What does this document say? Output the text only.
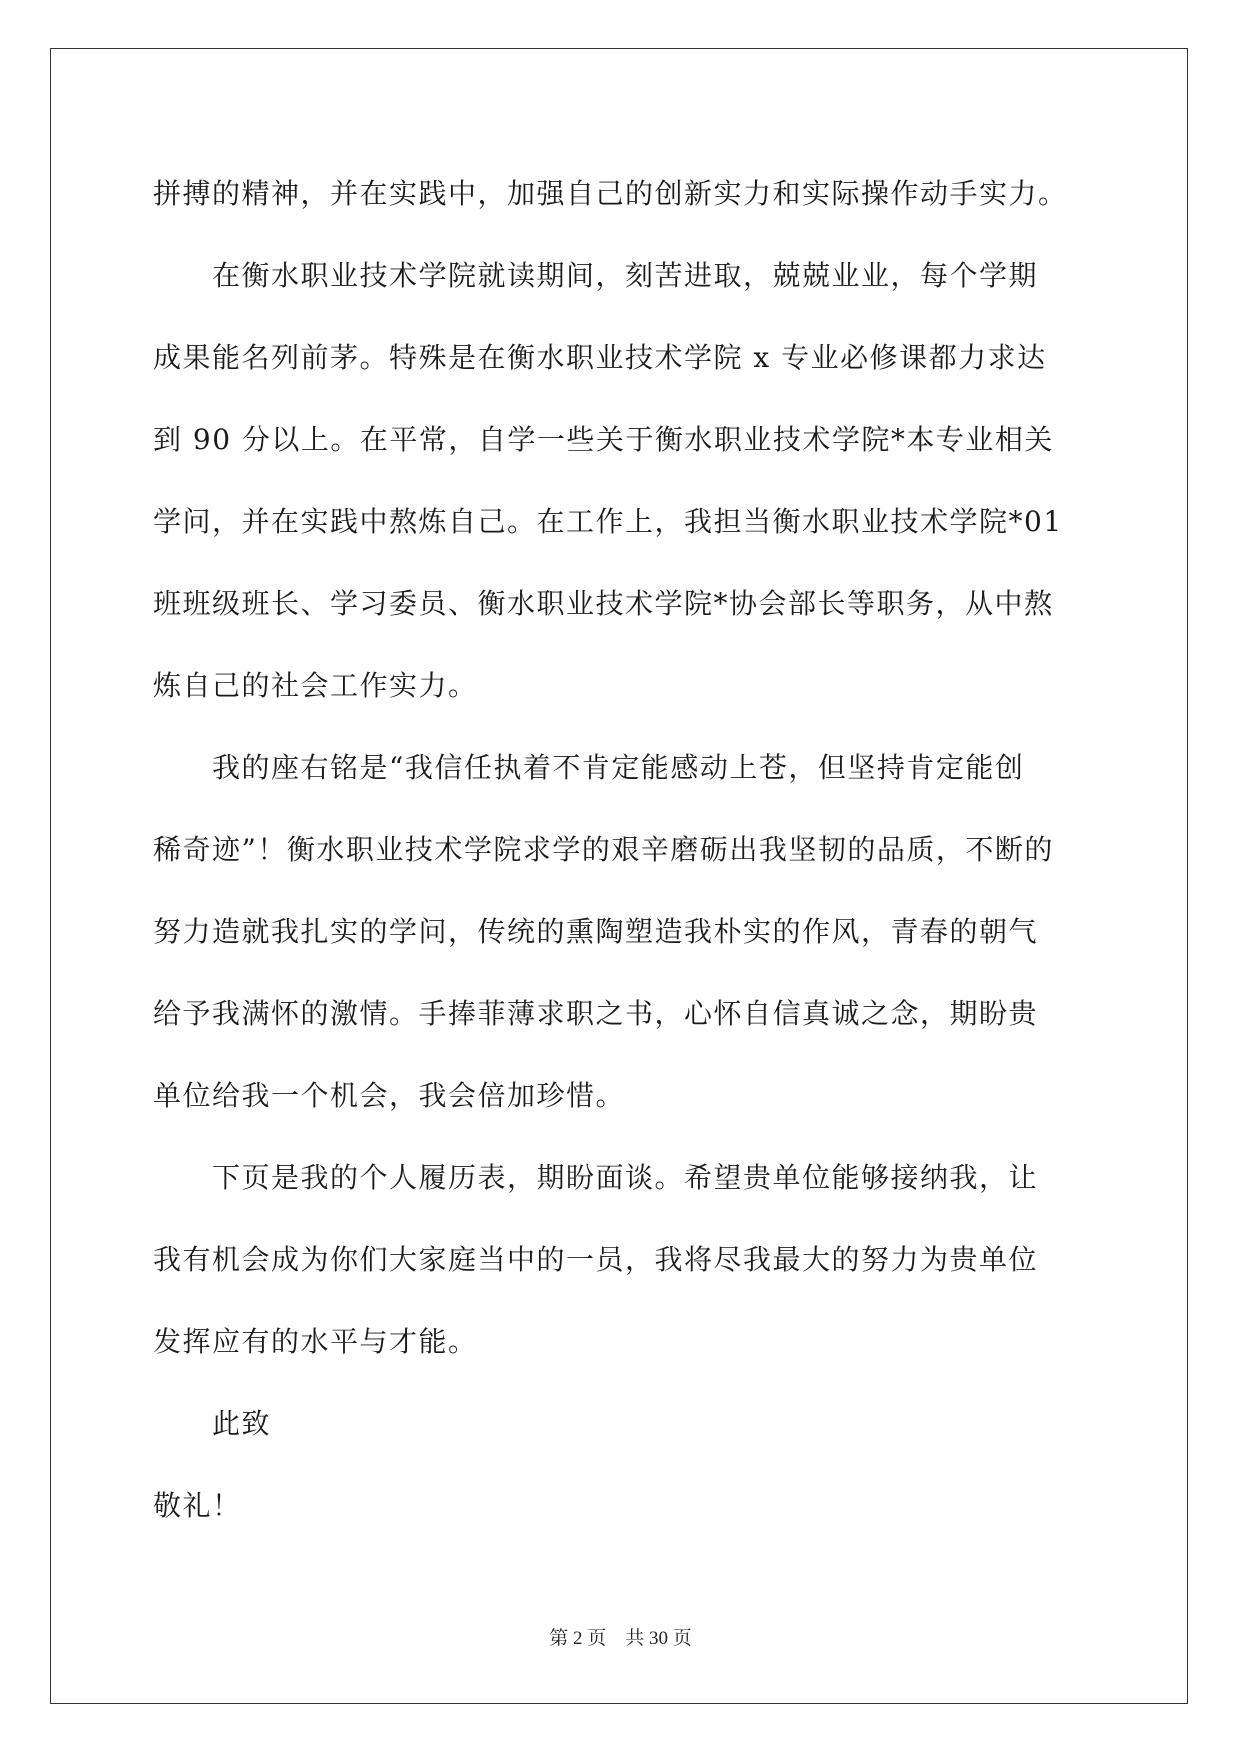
拼搏的精神，并在实践中，加强自己的创新实力和实际操作动手实力。
　　在衡水职业技术学院就读期间，刻苦进取，兢兢业业，每个学期
成果能名列前茅。特殊是在衡水职业技术学院 x 专业必修课都力求达
到 90 分以上。在平常，自学一些关于衡水职业技术学院*本专业相关
学问，并在实践中熬炼自己。在工作上，我担当衡水职业技术学院*01
班班级班长、学习委员、衡水职业技术学院*协会部长等职务，从中熬
炼自己的社会工作实力。
　　我的座右铭是“我信任执着不肯定能感动上苍，但坚持肯定能创
稀奇迹”！衡水职业技术学院求学的艰辛磨砺出我坚韧的品质，不断的
努力造就我扎实的学问，传统的熏陶塑造我朴实的作风，青春的朝气
给予我满怀的激情。手捧菲薄求职之书，心怀自信真诚之念，期盼贵
单位给我一个机会，我会倍加珍惜。
　　下页是我的个人履历表，期盼面谈。希望贵单位能够接纳我，让
我有机会成为你们大家庭当中的一员，我将尽我最大的努力为贵单位
发挥应有的水平与才能。
　　此致
敬礼！
第 2 页 共 30 页
